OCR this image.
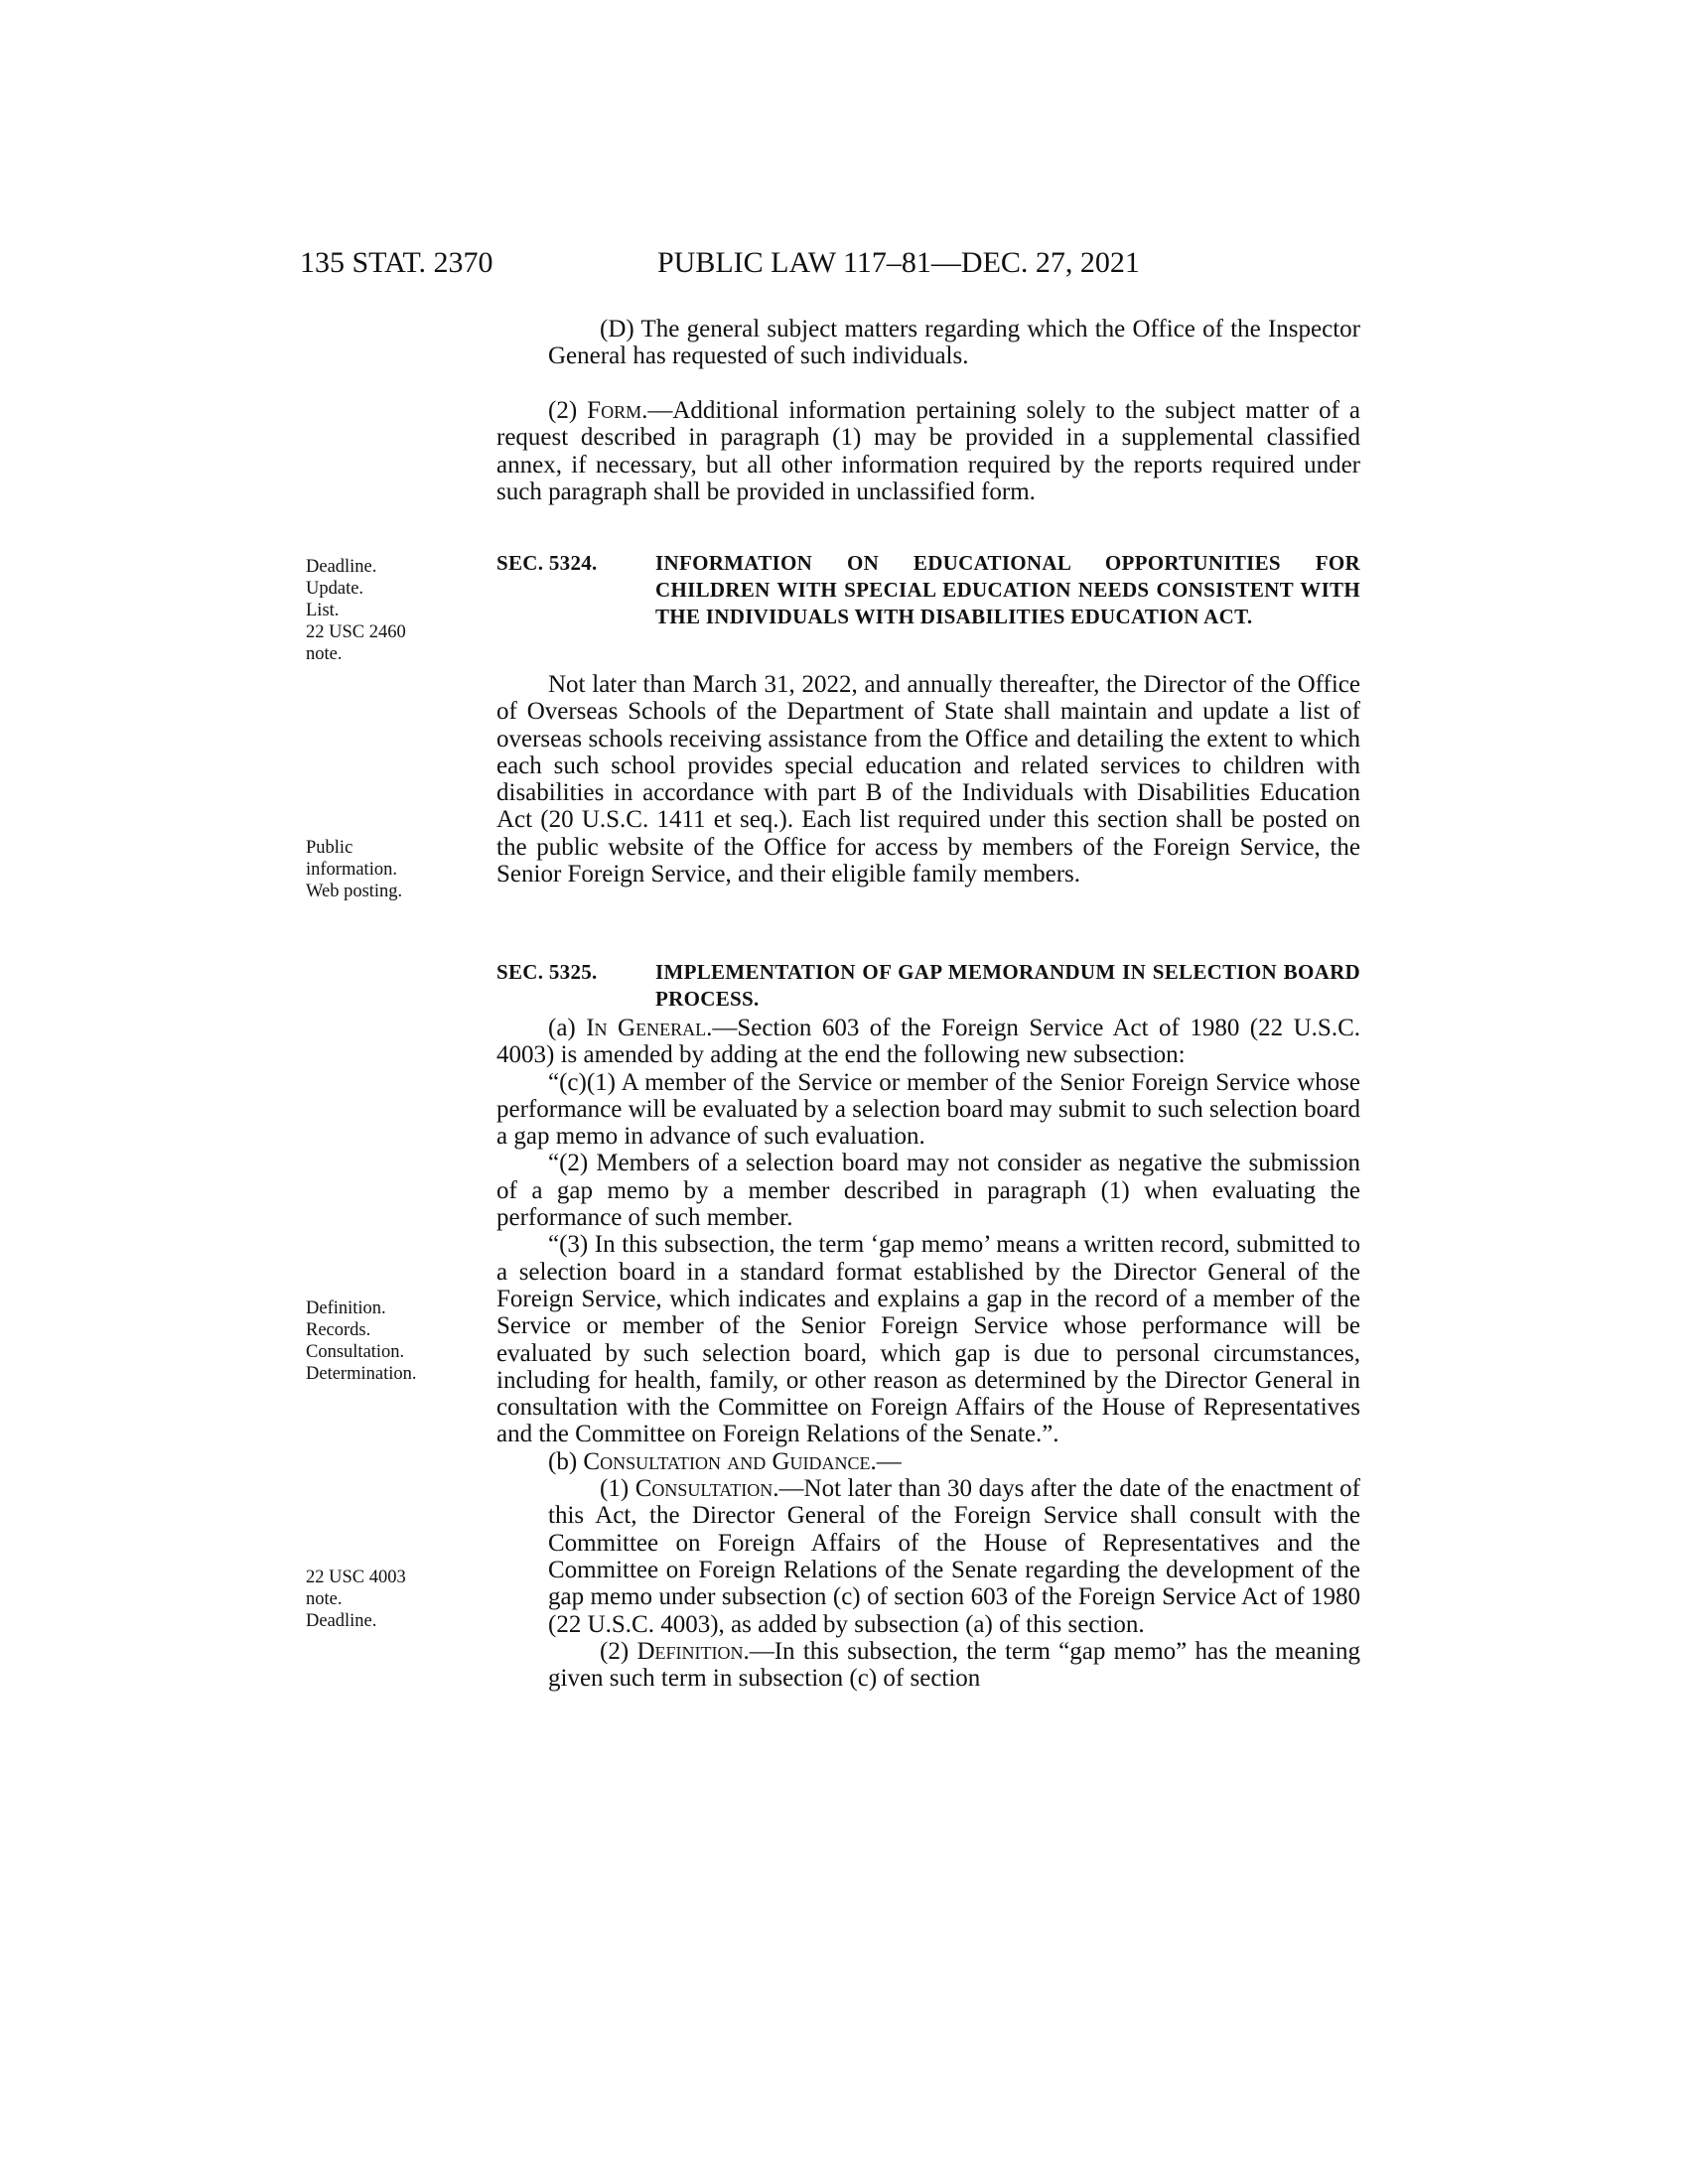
135 STAT. 2370	PUBLIC LAW 117–81—DEC. 27, 2021
Deadline.
Update.
List.
22 USC 2460
note.
Public
information.
Web posting.
Definition.
Records.
Consultation.
Determination.
22 USC 4003
note.
Deadline.

(D) The general subject matters regarding which the Office of the Inspector General has requested of such individuals.

(2) Form.—Additional information pertaining solely to the subject matter of a request described in paragraph (1) may be provided in a supplemental classified annex, if necessary, but all other information required by the reports required under such paragraph shall be provided in unclassified form.

SEC. 5324.	INFORMATION ON EDUCATIONAL OPPORTUNITIES FOR CHILDREN WITH SPECIAL EDUCATION NEEDS CONSISTENT WITH THE INDIVIDUALS WITH DISABILITIES EDUCATION ACT.

Not later than March 31, 2022, and annually thereafter, the Director of the Office of Overseas Schools of the Department of State shall maintain and update a list of overseas schools receiving assistance from the Office and detailing the extent to which each such school provides special education and related services to children with disabilities in accordance with part B of the Individuals with Disabilities Education Act (20 U.S.C. 1411 et seq.). Each list required under this section shall be posted on the public website of the Office for access by members of the Foreign Service, the Senior Foreign Service, and their eligible family members.

SEC. 5325.	IMPLEMENTATION OF GAP MEMORANDUM IN SELECTION BOARD PROCESS.

(a) In General.—Section 603 of the Foreign Service Act of 1980 (22 U.S.C. 4003) is amended by adding at the end the following new subsection:

“(c)(1) A member of the Service or member of the Senior Foreign Service whose performance will be evaluated by a selection board may submit to such selection board a gap memo in advance of such evaluation.

“(2) Members of a selection board may not consider as negative the submission of a gap memo by a member described in paragraph (1) when evaluating the performance of such member.

“(3) In this subsection, the term ‘gap memo’ means a written record, submitted to a selection board in a standard format established by the Director General of the Foreign Service, which indicates and explains a gap in the record of a member of the Service or member of the Senior Foreign Service whose performance will be evaluated by such selection board, which gap is due to personal circumstances, including for health, family, or other reason as determined by the Director General in consultation with the Committee on Foreign Affairs of the House of Representatives and the Committee on Foreign Relations of the Senate.”.

(b) Consultation and Guidance.—

(1) Consultation.—Not later than 30 days after the date of the enactment of this Act, the Director General of the Foreign Service shall consult with the Committee on Foreign Affairs of the House of Representatives and the Committee on Foreign Relations of the Senate regarding the development of the gap memo under subsection (c) of section 603 of the Foreign Service Act of 1980 (22 U.S.C. 4003), as added by subsection (a) of this section.

(2) Definition.—In this subsection, the term “gap memo” has the meaning given such term in subsection (c) of section
